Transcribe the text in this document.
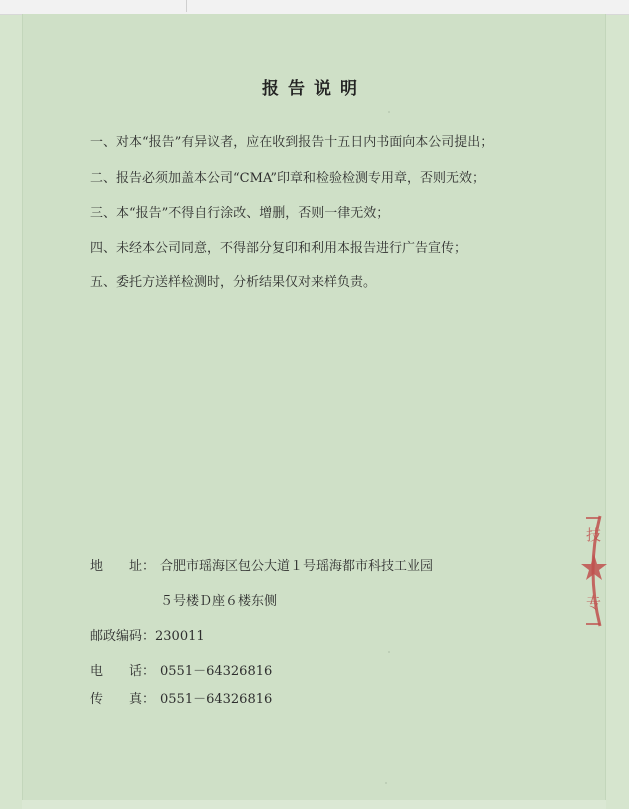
报告说明
一、对本“报告”有异议者，应在收到报告十五日内书面向本公司提出；
二、报告必须加盖本公司“CMA”印章和检验检测专用章，否则无效；
三、本“报告”不得自行涂改、增删，否则一律无效；
四、未经本公司同意，不得部分复印和利用本报告进行广告宣传；
五、委托方送样检测时，分析结果仅对来样负责。
地　　址： 合肥市瑶海区包公大道１号瑶海都市科技工业园
５号楼Ｄ座６楼东侧
邮政编码：230011
电　　话： 0551－64326816
传　　真： 0551－64326816
技
专
